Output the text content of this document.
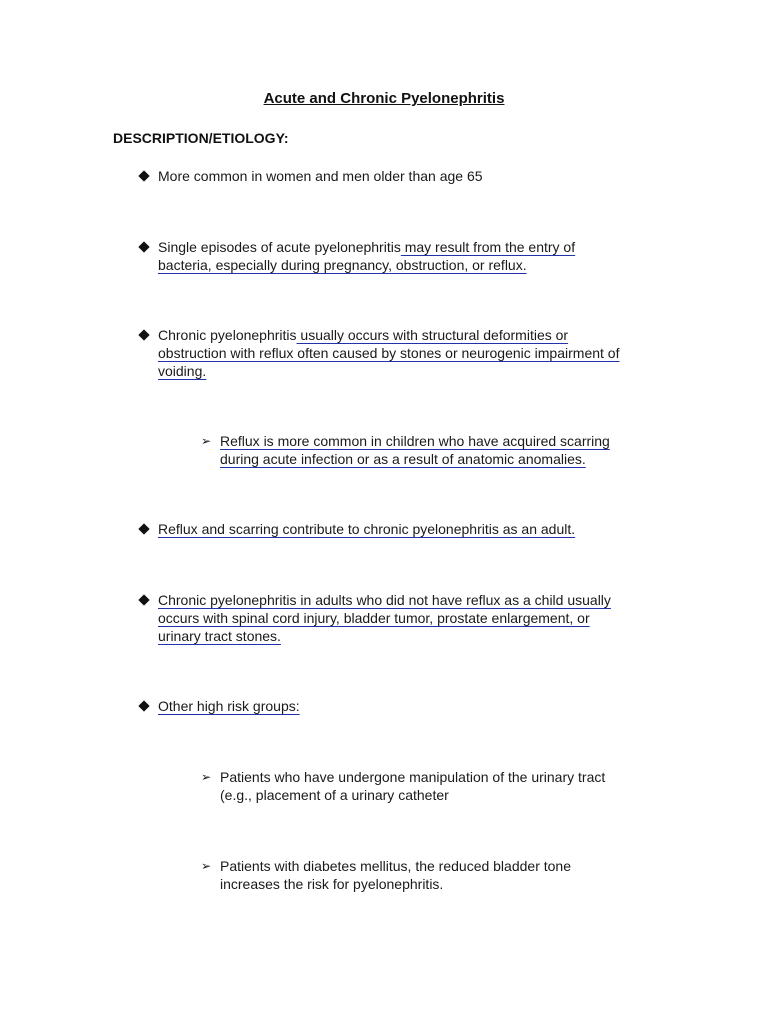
Acute and Chronic Pyelonephritis
DESCRIPTION/ETIOLOGY:
More common in women and men older than age 65
Single episodes of acute pyelonephritis may result from the entry of
bacteria, especially during pregnancy, obstruction, or reflux.
Chronic pyelonephritis usually occurs with structural deformities or
obstruction with reflux often caused by stones or neurogenic impairment of
voiding.
➢ Reflux is more common in children who have acquired scarring
during acute infection or as a result of anatomic anomalies.
Reflux and scarring contribute to chronic pyelonephritis as an adult.
Chronic pyelonephritis in adults who did not have reflux as a child usually
occurs with spinal cord injury, bladder tumor, prostate enlargement, or
urinary tract stones.
Other high risk groups:
➢ Patients who have undergone manipulation of the urinary tract
(e.g., placement of a urinary catheter
➢ Patients with diabetes mellitus, the reduced bladder tone
increases the risk for pyelonephritis.
